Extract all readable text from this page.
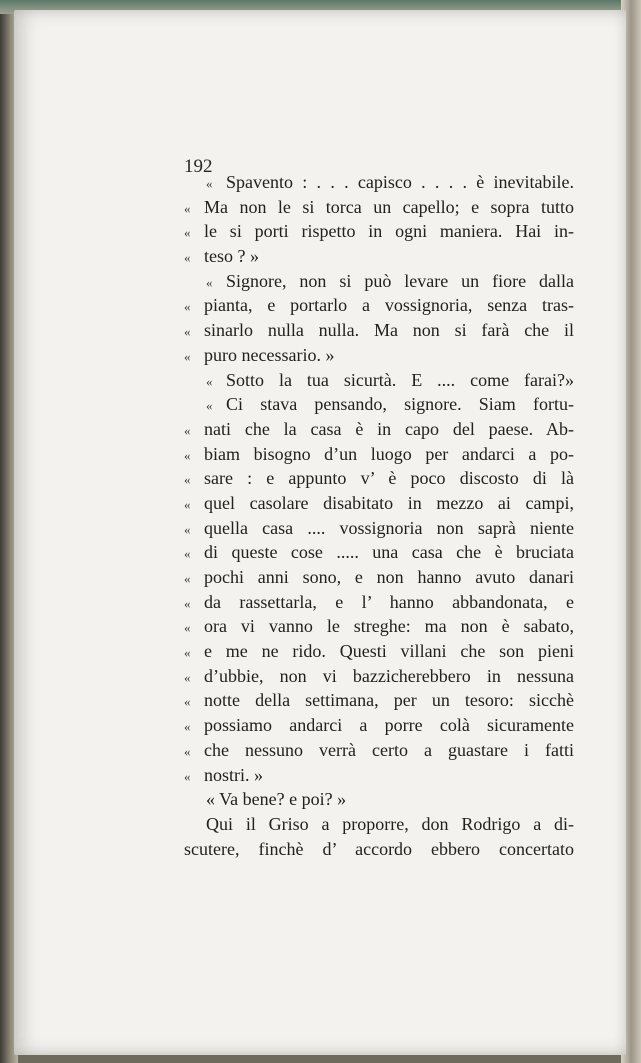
192
« Spavento : . . . capisco . . . . è inevitabile.
« Ma non le si torca un capello; e sopra tutto
« le si porti rispetto in ogni maniera. Hai in-
« teso ? »
« Signore, non si può levare un fiore dalla
« pianta, e portarlo a vossignoria, senza tras-
« sinarlo nulla nulla. Ma non si farà che il
« puro necessario. »
« Sotto la tua sicurtà. E .... come farai?»
« Ci stava pensando, signore. Siam fortu-
« nati che la casa è in capo del paese. Ab-
« biam bisogno d’un luogo per andarci a po-
« sare : e appunto v’ è poco discosto di là
« quel casolare disabitato in mezzo ai campi,
« quella casa .... vossignoria non saprà niente
« di queste cose ..... una casa che è bruciata
« pochi anni sono, e non hanno avuto danari
« da rassettarla, e l’ hanno abbandonata, e
« ora vi vanno le streghe: ma non è sabato,
« e me ne rido. Questi villani che son pieni
« d’ubbie, non vi bazzicherebbero in nessuna
« notte della settimana, per un tesoro: sicchè
« possiamo andarci a porre colà sicuramente
« che nessuno verrà certo a guastare i fatti
« nostri. »
« Va bene? e poi? »
Qui il Griso a proporre, don Rodrigo a di-
scutere, finchè d’ accordo ebbero concertato
